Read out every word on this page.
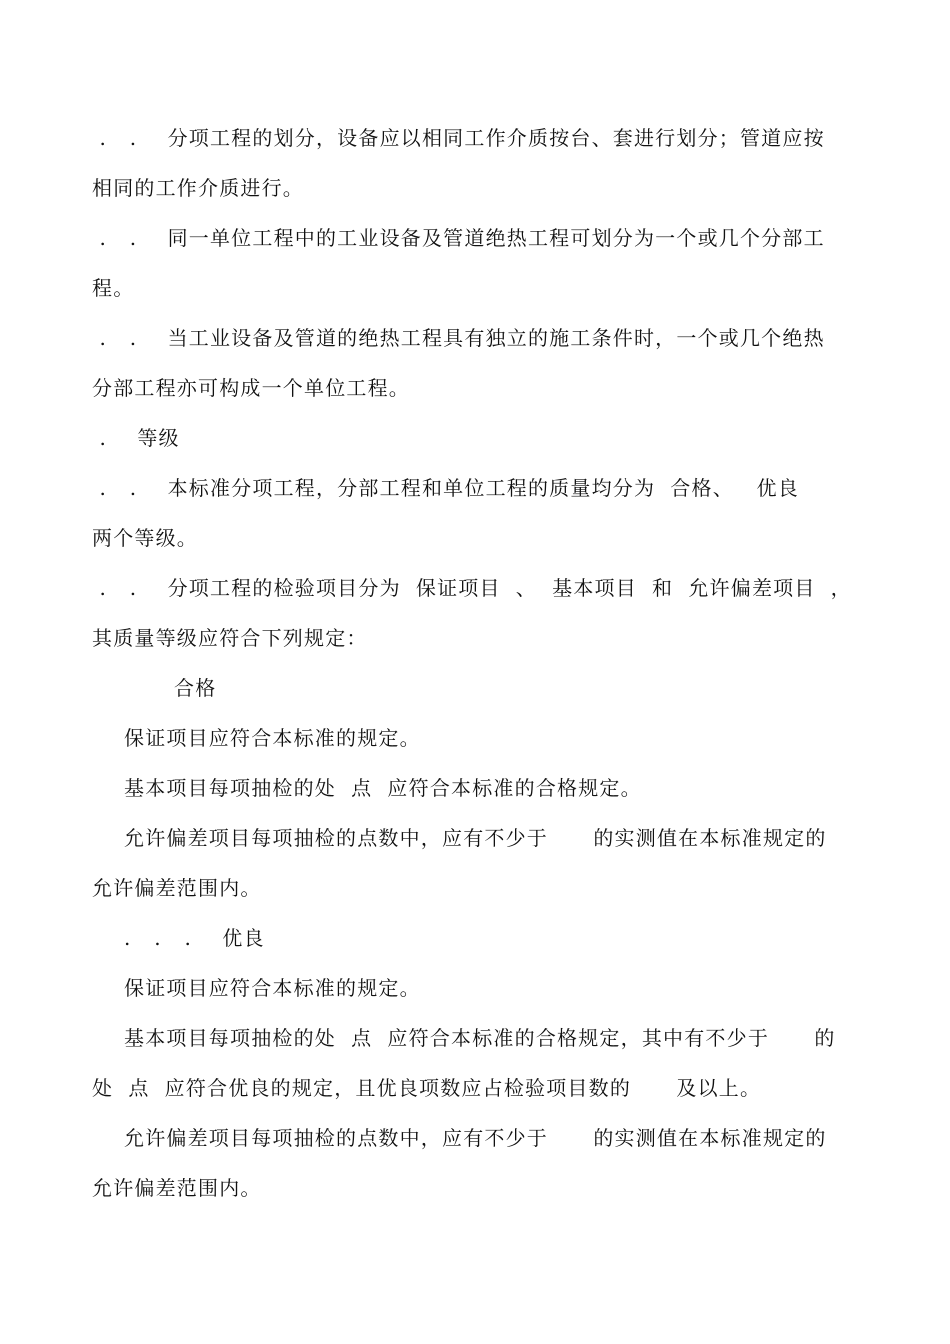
.   .    分项工程的划分，设备应以相同工作介质按台、套进行划分；管道应按
相同的工作介质进行。
.   .    同一单位工程中的工业设备及管道绝热工程可划分为一个或几个分部工
程。
.   .    当工业设备及管道的绝热工程具有独立的施工条件时，一个或几个绝热
分部工程亦可构成一个单位工程。
.    等级
.   .    本标准分项工程，分部工程和单位工程的质量均分为  合格、   优良
两个等级。
.   .    分项工程的检验项目分为  保证项目  、  基本项目  和  允许偏差项目  ，
其质量等级应符合下列规定：
合格
保证项目应符合本标准的规定。
基本项目每项抽检的处  点  应符合本标准的合格规定。
允许偏差项目每项抽检的点数中，应有不少于      的实测值在本标准规定的
允许偏差范围内。
.   .   .    优良
保证项目应符合本标准的规定。
基本项目每项抽检的处  点  应符合本标准的合格规定，其中有不少于      的
处  点  应符合优良的规定，且优良项数应占检验项目数的      及以上。
允许偏差项目每项抽检的点数中，应有不少于      的实测值在本标准规定的
允许偏差范围内。
